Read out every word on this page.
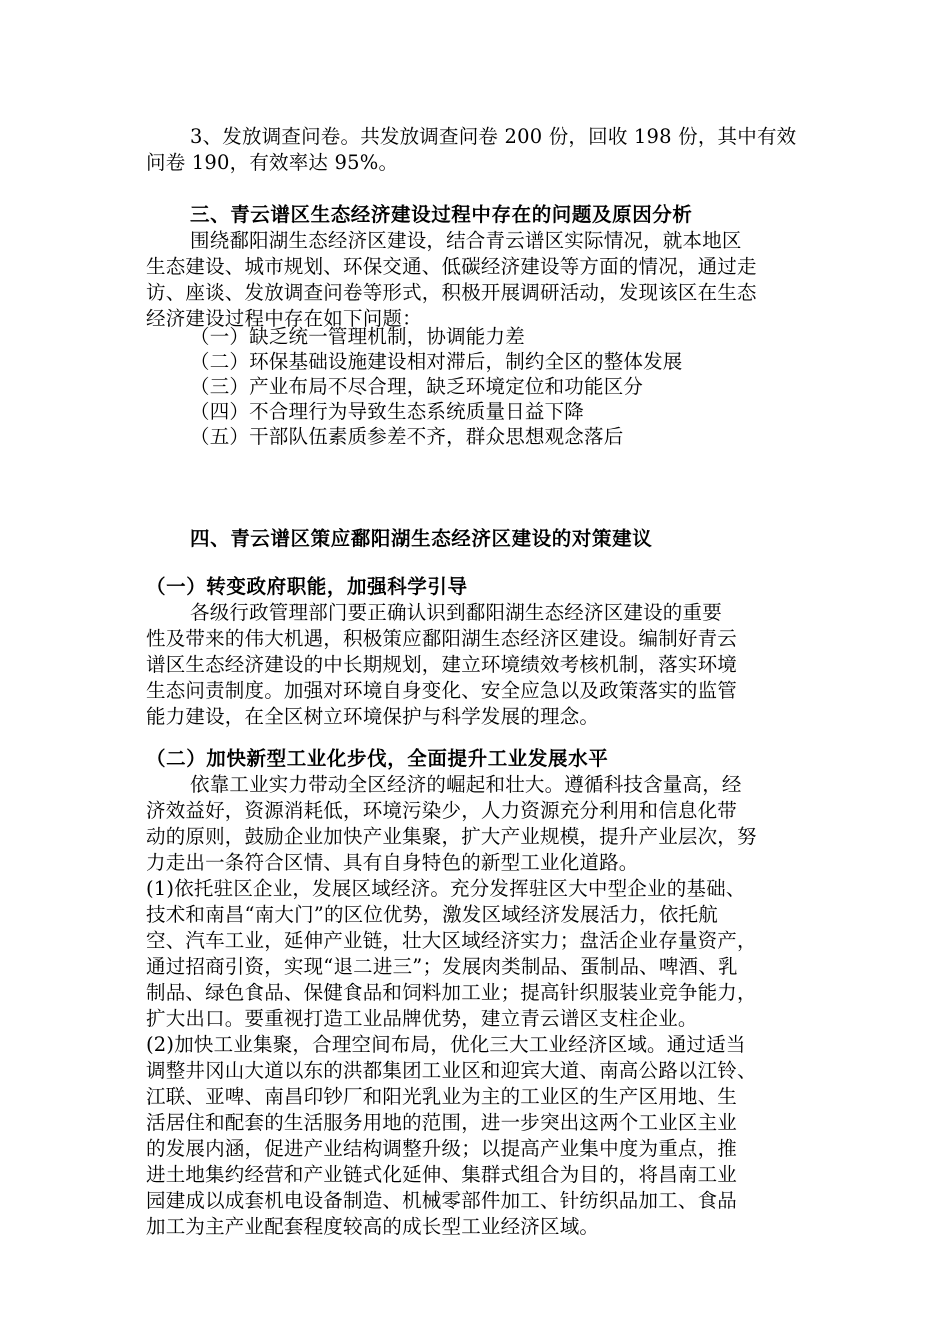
3、发放调查问卷。共发放调查问卷 200 份，回收 198 份，其中有效
问卷 190，有效率达 95%。
三、青云谱区生态经济建设过程中存在的问题及原因分析
围绕鄱阳湖生态经济区建设，结合青云谱区实际情况，就本地区
生态建设、城市规划、环保交通、低碳经济建设等方面的情况，通过走
访、座谈、发放调查问卷等形式，积极开展调研活动，发现该区在生态
经济建设过程中存在如下问题：
（一）缺乏统一管理机制，协调能力差
（二）环保基础设施建设相对滞后，制约全区的整体发展
（三）产业布局不尽合理，缺乏环境定位和功能区分
（四）不合理行为导致生态系统质量日益下降
（五）干部队伍素质参差不齐，群众思想观念落后
四、青云谱区策应鄱阳湖生态经济区建设的对策建议
（一）转变政府职能，加强科学引导
各级行政管理部门要正确认识到鄱阳湖生态经济区建设的重要
性及带来的伟大机遇，积极策应鄱阳湖生态经济区建设。编制好青云
谱区生态经济建设的中长期规划，建立环境绩效考核机制，落实环境
生态问责制度。加强对环境自身变化、安全应急以及政策落实的监管
能力建设，在全区树立环境保护与科学发展的理念。
（二）加快新型工业化步伐，全面提升工业发展水平
依靠工业实力带动全区经济的崛起和壮大。遵循科技含量高，经
济效益好，资源消耗低，环境污染少，人力资源充分利用和信息化带
动的原则，鼓励企业加快产业集聚，扩大产业规模，提升产业层次，努
力走出一条符合区情、具有自身特色的新型工业化道路。
(1)依托驻区企业，发展区域经济。充分发挥驻区大中型企业的基础、
技术和南昌“南大门”的区位优势，激发区域经济发展活力，依托航
空、汽车工业，延伸产业链，壮大区域经济实力；盘活企业存量资产，
通过招商引资，实现“退二进三”；发展肉类制品、蛋制品、啤酒、乳
制品、绿色食品、保健食品和饲料加工业；提高针织服装业竞争能力，
扩大出口。要重视打造工业品牌优势，建立青云谱区支柱企业。
(2)加快工业集聚，合理空间布局，优化三大工业经济区域。通过适当
调整井冈山大道以东的洪都集团工业区和迎宾大道、南高公路以江铃、
江联、亚啤、南昌印钞厂和阳光乳业为主的工业区的生产区用地、生
活居住和配套的生活服务用地的范围，进一步突出这两个工业区主业
的发展内涵，促进产业结构调整升级；以提高产业集中度为重点，推
进土地集约经营和产业链式化延伸、集群式组合为目的，将昌南工业
园建成以成套机电设备制造、机械零部件加工、针纺织品加工、食品
加工为主产业配套程度较高的成长型工业经济区域。
